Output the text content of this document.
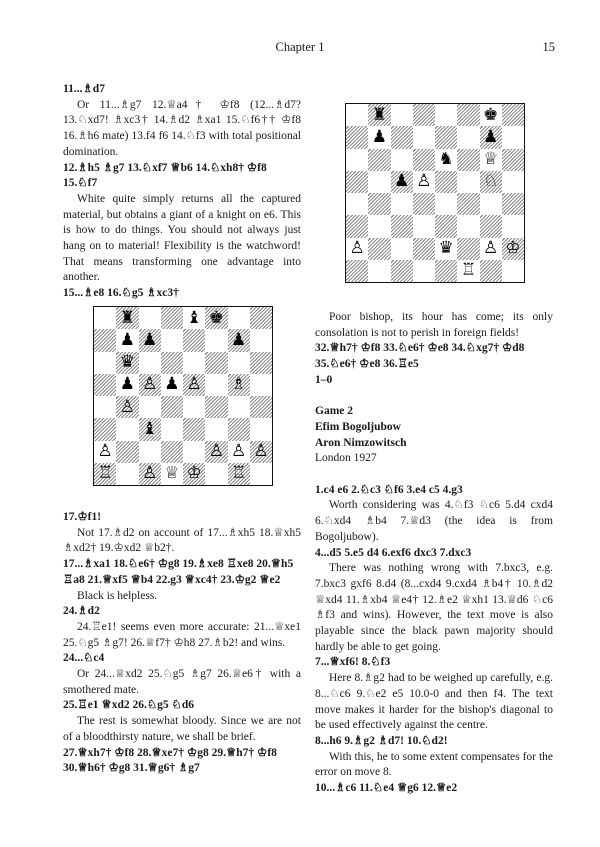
Chapter 1	15

11...♗d7

Or 11...♗g7 12.♕a4† ♔f8 (12...♗d7? 13.♘xd7! ♗xc3† 14.♗d2 ♗xa1 15.♘f6†† ♔f8 16.♗h6 mate) 13.f4 f6 14.♘f3 with total positional domination.

12.♗h5 ♗g7 13.♘xf7 ♕b6 14.♘xh8† ♔f8 15.♘f7

White quite simply returns all the captured material, but obtains a giant of a knight on e6. This is how to do things. You should not always just hang on to material! Flexibility is the watchword! That means transforming one advantage into another.

15...♗e8 16.♘g5 ♗xc3†

♜	♚
♟	♟
♞ ♕
♟ ♙	♘
♙	♛ ♙ ♔
♖
♜	♝ ♚
♟ ♟	♟
♛
♟ ♙ ♟ ♙ ♗
♙
♝
♙	♙ ♙ ♙
♖ ♙ ♕ ♔ ♖

17.♔f1!

Not 17.♗d2 on account of 17...♗xh5 18.♕xh5 ♗xd2† 19.♔xd2 ♕b2†.

17...♗xa1 18.♘e6† ♔g8 19.♗xe8 ♖xe8 20.♕h5 ♖a8 21.♕xf5 ♕b4 22.g3 ♕xc4† 23.♔g2 ♕e2

Black is helpless.

24.♗d2

24.♖e1! seems even more accurate: 21...♕xe1 25.♘g5 ♗g7! 26.♕f7† ♔h8 27.♗b2! and wins.

24...♘c4

Or 24...♕xd2 25.♘g5 ♗g7 26.♕e6† with a smothered mate.

25.♖e1 ♕xd2 26.♘g5 ♘d6

The rest is somewhat bloody. Since we are not of a bloodthirsty nature, we shall be brief.

27.♕xh7† ♔f8 28.♕xe7† ♔g8 29.♕h7† ♔f8 30.♕h6† ♔g8 31.♕g6† ♗g7

Poor bishop, its hour has come; its only consolation is not to perish in foreign fields!

32.♕h7† ♔f8 33.♘e6† ♔e8 34.♘xg7† ♔d8 35.♘e6† ♔e8 36.♖e5

1–0

Game 2

Efim Bogoljubow

Aron Nimzowitsch

London 1927

1.c4 e6 2.♘c3 ♘f6 3.e4 c5 4.g3

Worth considering was 4.♘f3 ♘c6 5.d4 cxd4 6.♘xd4 ♗b4 7.♕d3 (the idea is from Bogoljubow).

4...d5 5.e5 d4 6.exf6 dxc3 7.dxc3

There was nothing wrong with 7.bxc3, e.g. 7.bxc3 gxf6 8.d4 (8...cxd4 9.cxd4 ♗b4† 10.♗d2 ♕xd4 11.♗xb4 ♕e4† 12.♗e2 ♕xh1 13.♕d6 ♘c6 ♗f3 and wins). However, the text move is also playable since the black pawn majority should hardly be able to get going.

7...♕xf6! 8.♘f3

Here 8.♗g2 had to be weighed up carefully, e.g. 8...♘c6 9.♘e2 e5 10.0-0 and then f4. The text move makes it harder for the bishop's diagonal to be used effectively against the centre.

8...h6 9.♗g2 ♗d7! 10.♘d2!

With this, he to some extent compensates for the error on move 8.

10...♗c6 11.♘e4 ♕g6 12.♕e2
